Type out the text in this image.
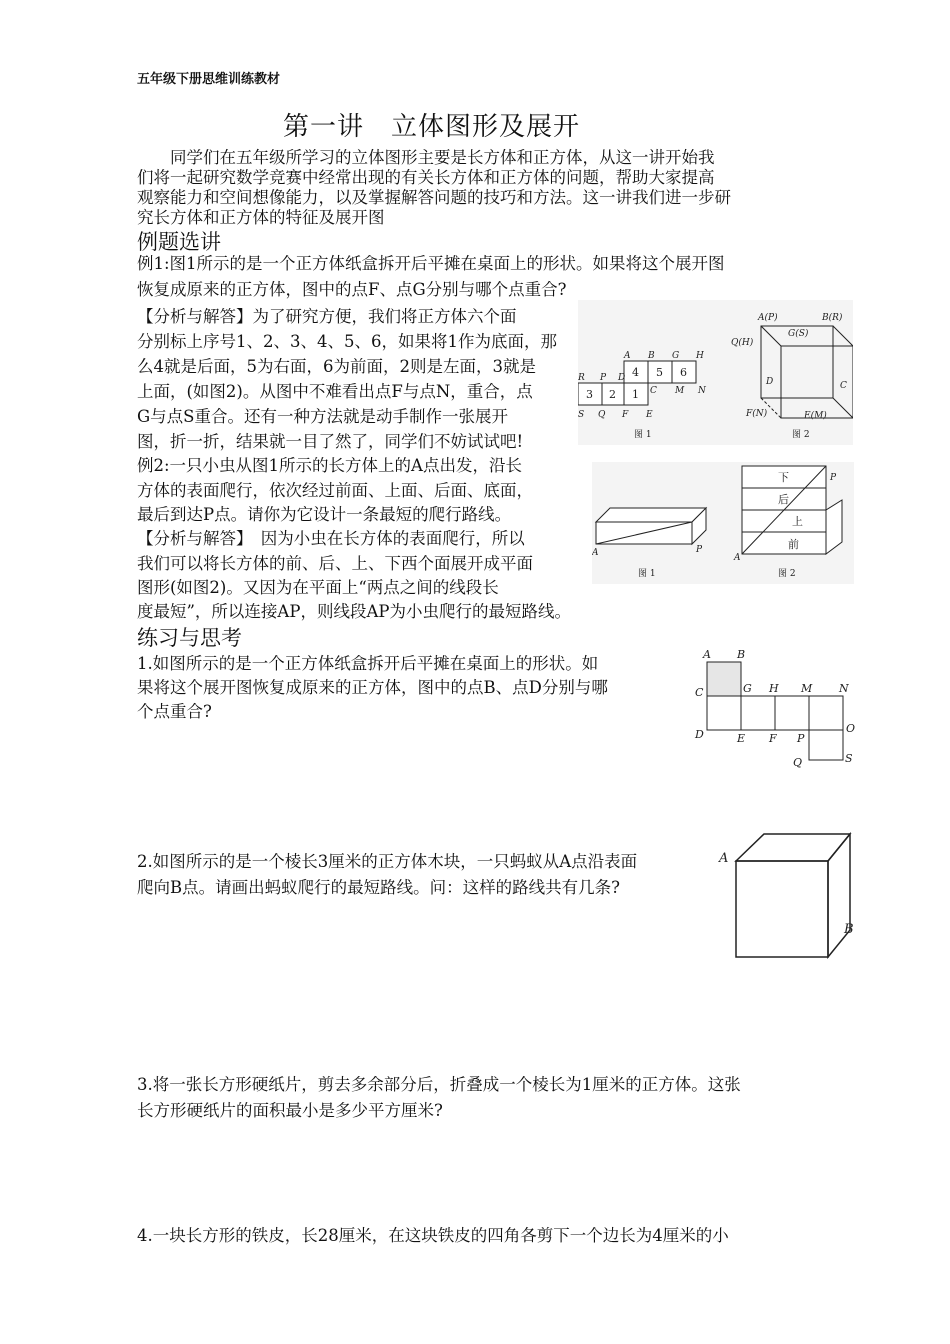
五年级下册思维训练教材
第一讲　立体图形及展开
　　同学们在五年级所学习的立体图形主要是长方体和正方体，从这一讲开始我
们将一起研究数学竞赛中经常出现的有关长方体和正方体的问题，帮助大家提高
观察能力和空间想像能力，以及掌握解答问题的技巧和方法。这一讲我们进一步研
究长方体和正方体的特征及展开图
例题选讲
例1:图1所示的是一个正方体纸盒拆开后平摊在桌面上的形状。如果将这个展开图
恢复成原来的正方体，图中的点F、点G分别与哪个点重合?
【分析与解答】为了研究方便，我们将正方体六个面
分别标上序号1、2、3、4、5、6，如果将1作为底面，那
么4就是后面，5为右面，6为前面，2则是左面，3就是
上面，(如图2)。从图中不难看出点F与点N，重合，点
G与点S重合。还有一种方法就是动手制作一张展开
图，折一折，结果就一目了然了，同学们不妨试试吧!
例2:一只小虫从图1所示的长方体上的A点出发，沿长
方体的表面爬行，依次经过前面、上面、后面、底面，
最后到达P点。请你为它设计一条最短的爬行路线。
【分析与解答】　因为小虫在长方体的表面爬行，所以
我们可以将长方体的前、后、上、下西个面展开成平面
图形(如图2)。又因为在平面上“两点之间的线段长
度最短”，所以连接AP，则线段AP为小虫爬行的最短路线。
练习与思考
1.如图所示的是一个正方体纸盒拆开后平摊在桌面上的形状。如
果将这个展开图恢复成原来的正方体，图中的点B、点D分别与哪
个点重合?
2.如图所示的是一个棱长3厘米的正方体木块，一只蚂蚁从A点沿表面
爬向B点。请画出蚂蚁爬行的最短路线。问：这样的路线共有几条?
3.将一张长方形硬纸片，剪去多余部分后，折叠成一个棱长为1厘米的正方体。这张
长方形硬纸片的面积最小是多少平方厘米?
4.一块长方形的铁皮，长28厘米，在这块铁皮的四角各剪下一个边长为4厘米的小
4 5 6
3 2 1
A B G H
R P D
C M N
S Q F E
图 1
A(P)	B(R)
G(S)
Q(H)
D	C
F(N)	E(M)
图 2
A	P
图 1
下
后
上
前
A
P
图 2
A B
C	G H M N
D	E F P
O
Q	S
A
B
